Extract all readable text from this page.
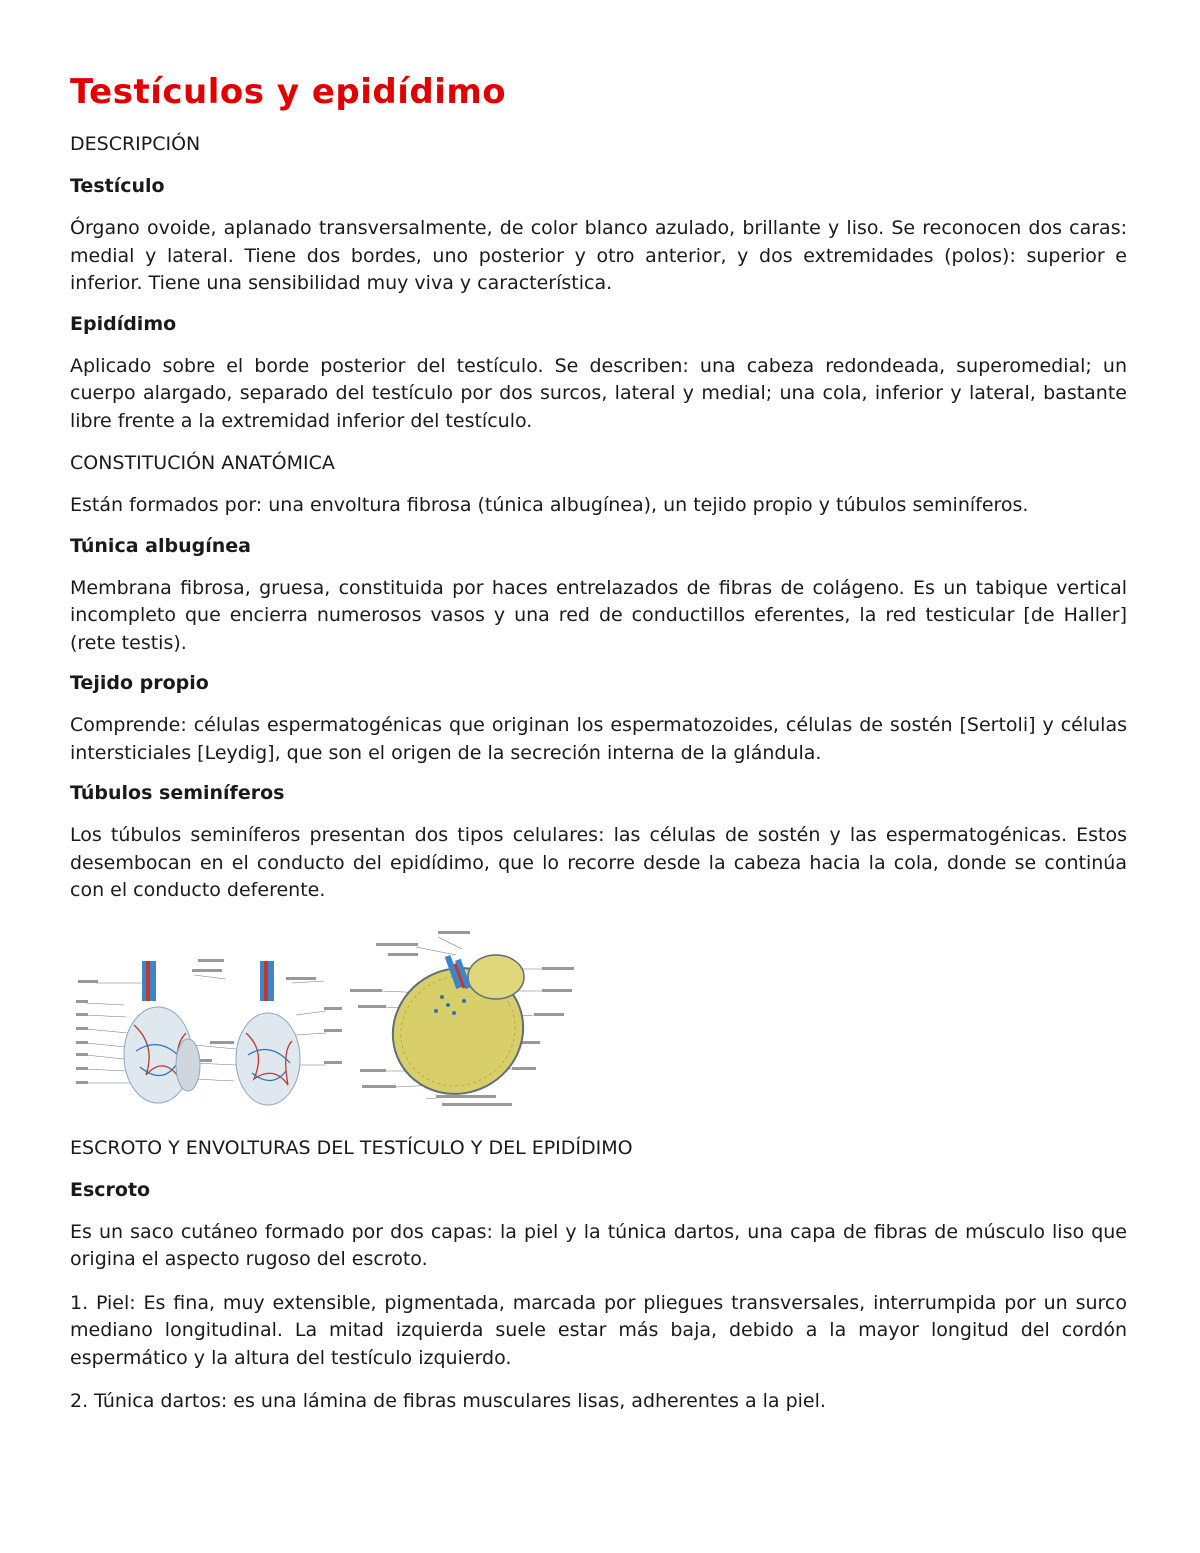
Testículos y epidídimo
DESCRIPCIÓN
Testículo

Órgano ovoide, aplanado transversalmente, de color blanco azulado, brillante y liso. Se reconocen dos caras: medial y lateral. Tiene dos bordes, uno posterior y otro anterior, y dos extremidades (polos): superior e inferior. Tiene una sensibilidad muy viva y característica.

Epidídimo

Aplicado sobre el borde posterior del testículo. Se describen: una cabeza redondeada, superomedial; un cuerpo alargado, separado del testículo por dos surcos, lateral y medial; una cola, inferior y lateral, bastante libre frente a la extremidad inferior del testículo.

CONSTITUCIÓN ANATÓMICA

Están formados por: una envoltura fibrosa (túnica albugínea), un tejido propio y túbulos seminíferos.

Túnica albugínea

Membrana fibrosa, gruesa, constituida por haces entrelazados de fibras de colágeno. Es un tabique vertical incompleto que encierra numerosos vasos y una red de conductillos eferentes, la red testicular [de Haller] (rete testis).

Tejido propio

Comprende: células espermatogénicas que originan los espermatozoides, células de sostén [Sertoli] y células intersticiales [Leydig], que son el origen de la secreción interna de la glándula.

Túbulos seminíferos

Los túbulos seminíferos presentan dos tipos celulares: las células de sostén y las espermatogénicas. Estos desembocan en el conducto del epidídimo, que lo recorre desde la cabeza hacia la cola, donde se continúa con el conducto deferente.

ESCROTO Y ENVOLTURAS DEL TESTÍCULO Y DEL EPIDÍDIMO
Escroto

Es un saco cutáneo formado por dos capas: la piel y la túnica dartos, una capa de fibras de músculo liso que origina el aspecto rugoso del escroto.

1. Piel: Es fina, muy extensible, pigmentada, marcada por pliegues transversales, interrumpida por un surco mediano longitudinal. La mitad izquierda suele estar más baja, debido a la mayor longitud del cordón espermático y la altura del testículo izquierdo.

2. Túnica dartos: es una lámina de fibras musculares lisas, adherentes a la piel.
